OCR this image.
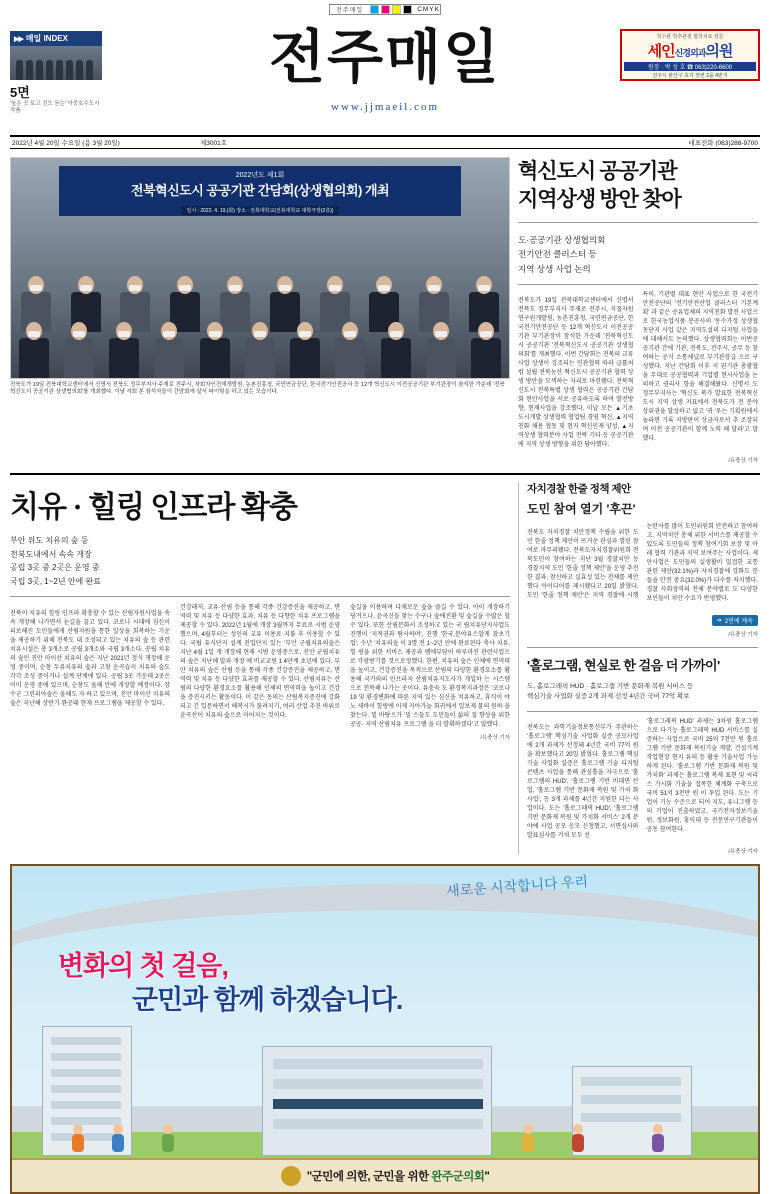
전주매일	CMYK
▶▶ 매일 INDEX
5면
'높은 곳 보고 걷도 듣는' 아중호수도시 작품
전주매일
www.jjmaeil.com
척수관 척추관절 협착치료 전문
세인신경외과의원
원장 · 박 성 호 ☎ 063)220-6600
전주시 완산구 효자 천변 2을 4번지
2022년 4월 20일 수요일 (음 3월 20일)	제3001호	대표전화 (063)288-9700
2022년도 제1회
전북혁신도시 공공기관 간담회(상생협의회) 개최
일시 : 2022. 4. 19.(화) 장소 : 전북대학교(전북대학교 대학극장(2층))
전북도가 19일 전북대학교센터에서 신명서 전북도 정무부지사 주재로 전주시, 자회자인건재개발원, 농촌진흥청, 국민연금공단, 한국전기안전공사 등 12개 혁신도시 이전공공기관 부기관장이 참석한 가운데 '전북혁신도시 공공기관 상생협의회'를 개최했다. 이날 사회 본 참석자들이 간담회에 앞서 파이팅을 하고 있는 모습이다.
혁신도시 공공기관
지역상생 방안 찾아
도·공공기관 상생협의회
전기안전 클러스터 등
지역 상생 사업 논의

전북도가 19일 전북대학교센터에서 신명서 전북도 정무부지사 주재로 전주시, 지질자원연구원개발원, 농촌진흥청, 국민연금공단, 한국전기안전공단 등 12개 혁신도시 이전공공기관 부기관장이 참석한 가운데 '전북혁신도시 공공기관 '전북혁신도시 공공기관 상생협의회'를 개최했다. 이번 간담회는 전북의 교류사업 상생이 강조되는 민관협력 따라 급률처럼 설립 전북농산 혁신도시 공공기관 협력 상생 방안을 모색하는 자리로 마련됐다. 전북혁신도시 전북특별 상생 협력은 공공기관 간담회 현안사업을 서로 공유하도록 하여 발전방향, 현재사업을 강조했다. 이날 모든 ▲기초도시개발 상생협력 협업팀 경영 혁신, ▲지역친화 채용 협동 및 현지 혁신인재 양성, ▲지역상생 협력분야 사업 전략 기타 등 공공기관에 지역 상생 방향을 위한 담아했다.

특히, 기관별 대표 현안 사업으로 한 국전기안전공단의 '전기안전산업 클러스터 기본계획' 과 같은 공유업체의 지역친화 발전 사업으로 한국농업식품 봉공사의 '동수가정 상생협동단지 사업 같은 지역도설의 디지털 사업들에 대해서도 논의했다. 상생협력회는 이번공공기관 간에 기관, 전북도, 전주시, 공무 등 참여하는 공식 소통체널로 부기관장급 으로 구성했다. 지난 간담회 이후 지 권기관 총괄협을 무대로 공공협력과 기업별 현시사업을 논의하고 권리사 항을 해결해왔다. 신명서 도 정무부지사는 '혁신도 북가 발표한 전북혁신도시 지역 상생 지표에서 전북도가 전 분야 상위권을 달성하고 없고 '귀 '우는 기획원에서 놀라면 기록 지방판이 상금자로서 추 조장되며 이전 공공기관이 함께 노력 해 달라'고 말했다.

/유충상 기자
치유 · 힐링 인프라 확충
부안 위도 치유의 숲 등
전북도내에서 속속 개장
공립 3곳 중 2곳은 운영 중
국립 3곳, 1~2년 안에 완료

전북이 치유의 힐링 인프라 확충할 수 있는 산림자원사업을 속속 개장해 나가면서 눈길을 끌고 있다. 코로나 시대에 심신이 피로해진 도민들에게 산림자원을 통한 일상을 회복하는 기운을 제공하기 위해 전북도 내 조성되고 있는 치유의 숲 등 관련 치유시설은 총 3개소로 공립 3개소와 국립 3개소다. 공립 치유의 숲인 진안 마이산 치유의 숲은 지난 2021년 정식 개장해 운영 중이며, 순창 두류치유의 숲과 고창 운곡습지 치유의 숲도 각각 조성 중이거나 설계 단계에 있다. 공립 3곳 가운데 2곳은 이미 운영 중에 있으며, 순창도 올해 안에 개장할 예정이다. 장수군 그린피아숲은 올해도 자 하고 있으며, 진안 마이산 치유의 숲은 지난해 상반기 완공돼 현재 프로그램을 제공할 수 있다.

건강레저, 교유·산림 등을 통해 각종 건강증진을 제공하고, 면역력 및 치유 등 다양한 효과, 치유 등 다향한 치유 프로그램을 제공할 수 있다. 2022년 1월에 개장 3월까지 무료로 시범 운영했으며, 4월부터는 성인의 교유 이용료 지불 후 이용할 수 있다. 국립 유식단지 설계 진입단지 있는 '부안 군립치유의숲은 지난 4월 1일 개 개장해 현재 시범 운영중으로, 진안 군립치유의 숲은 지난해 말과 개장 예 비교교원 1 4단계 초년에 있다. 부안 치유의 숲은 산림 등을 통해 각종 건강증진을 제공하고, 면역력 및 치유 등 다양한 효과를 제공할 수 있다. 산림치유는 산림의 다양한 환경요소를 활용해 인체의 면역력을 높이고 건강을 증진시키는 활동이다. 이 같은 동의는 산림복지증진에 강화되고 긴 입문하면서 해복시가 물려지기, 여러 산업 추진 바위로 윤곡산이 치유의 숲으로 이어지는 것이다.

숲길을 이용하며 다채로운 숲을 즐길 수 있다. 아이 개장하기 당겨으나, 윤곡신들 찾는 수구나 숲에진환 및 숲길을 수많은 할 수 있다. 또한 산림문화서 조성하고 있는 국 립치유단지사업도 진행이 '지적권과 탐사하며', 진행 '한국,분야유스알게 잠초기업', 수년 '치유의숲 이 3명 전 1~2년 안에 완료된다 축사 치유, 힐 링을 위한 서비스 제공과 맴에부담이 하루마진 관련사업으로 각광받기를 것으로정했다. 한편, 치유의 숲은 인체에 면역력을 높이고, 건강증진을 목적으로 산림의 다양한 환경요소를 활용해 국가와의 인프라지 산림치유지도사가 개입하 는 시스템으로 전복해 나가는 곳이다. 유충숙 도 환경복지과장은 '코로나 19 및 환경변화에 따른 지역 있는 심신을 치유하고, 휴식이 야노 세바이 힐링에 이제 자아가늘 회귀에서 일보제 물의 원하 을 찾는다. 밑 바탕으가 '밀 스들도 도민들이 삶의 질 향상을 위한 공공· 지역 산림치유 프로그램 을 더 발휘하겠다'고 말했다.

/유충상 기자
자치경찰 한줄 정책 제안
도민 참여 열기 '후끈'

전북도 자치경찰 치안정책 수립을 위한 도민 한줄 정책 제안이 뜨거운 관심과 열린 참여로 마무리됐다. 전북도자치경찰위원회 전북도민이 참여하는 지난 3월 경찰치안 등 경찰지역 도민 '한줄 정책 제안'을 운영 추진한 결과, 참신하고 실효성 있는 전체를 제안했다 아이디어를 제시됐다고 20일 밝혔다. 도민 '한줄 정책 제안'은 지역 경찰에 시행 논란사를 많이 도민위원회 안전하고 참여하고, 지역치안 총체 위한 서비스를 제공할 수 있도록 도민들의 정책 참여기회 보장 및 아래 협력 기관과 지역 보여주는 사업이다. 제안사업은 도민들의 실생활이 밀접한 교통 관련 제안(32.1%)과 자치경찰에 강화도 분들을 안전 중요(32.0%)가 다수를 차지했다. 경찰 사회영역의 전체 분야별로 도 다양한 보인들이 치안 수요가 반영했다.

➔ 2면에 계속
/유충상 기자
'홀로그램, 현실로 한 걸음 더 가까이'
도, 홀로그래픽 HUD · 홀로그램 기반 문화재 복원 서비스 등
핵심기술 사업화 실증 2개 과제 선정 4년간 국비 77억 확보

전북도는 과학기술정보통신부가 주관하는 '홀로그램' 핵심기술 사업화 실증 공모사업에 2개 과제가 선정돼 4년간 국비 77억 원을 확보했다고 20일 밝혔다. 홀로그램 핵심기술 사업화 실증은 홀로그램 기술 디지털콘텐츠 사업을 통해 관심홀을 자극으로 '홀로그램의 HUD', '홀로그램 기반 비대면 산업, '홀로그램 기반 문화재 복원 및 가치 화 사업', 등 3개 과제를 4년간 지원한 다는 사업이다. 도는 '홀로그래픽 HUD', '홀로그램 기반 문화재 복원 및 가치화 서비스' 2개 분야에 사업 공모 응모 신청했고, 서면심사와 발표심사를 거쳐 모두 선

'홀로그래픽 HUD' 과제는 3차원 홀로그램으로 다기능 홀로그래픽 HUD 서비스를 실증하는 사업으로 국비 25억 7천만 원 홀로그램 기반 문화재 복원기술 개발, 건설기계작업현장 현지 유의 등 활용 기술사업 가능하게 된다. '홀로그램 기반 문화재 복원 및 가치화' 과제는 홀로그램 복제 표현 및 씨리스 가시화 기술을 접목한 체계화 구축으로 국비 51억 3천만 원 이 투입 된다. 도는 기업이 기능 수준으로 되어 지도, 유니그램 등의 기업이 진출하였고, 국기전자정보기술원, 정보화원, 홍익대 등 전문연구기관들이 공동 참여한다.

/유충상 기자
새로운 시작합니다 우리
변화의 첫 걸음,
군민과 함께 하겠습니다.
"군민에 의한, 군민을 위한 완주군의회"
